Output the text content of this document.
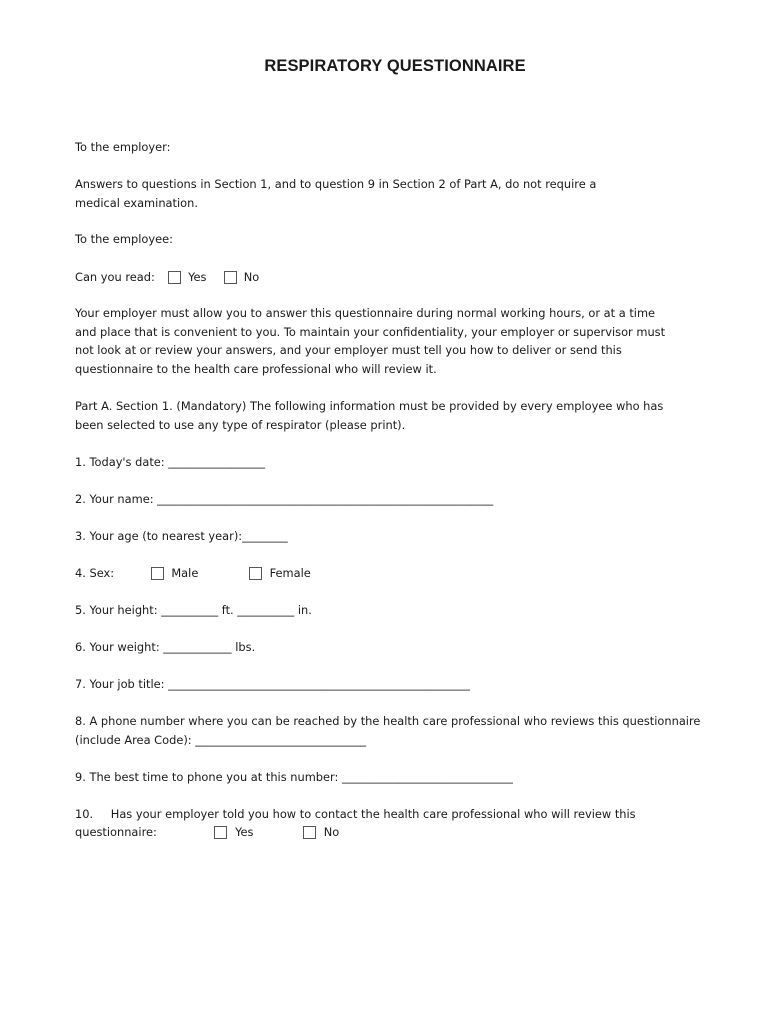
RESPIRATORY QUESTIONNAIRE
To the employer:
Answers to questions in Section 1, and to question 9 in Section 2 of Part A, do not require a medical examination.
To the employee:
Can you read:	Yes	No
Your employer must allow you to answer this questionnaire during normal working hours, or at a time and place that is convenient to you. To maintain your confidentiality, your employer or supervisor must not look at or review your answers, and your employer must tell you how to deliver or send this questionnaire to the health care professional who will review it.
Part A. Section 1. (Mandatory) The following information must be provided by every employee who has been selected to use any type of respirator (please print).
1. Today's date: _________________
2. Your name: ___________________________________________________________
3. Your age (to nearest year):________
4. Sex:	Male	Female
5. Your height: __________ ft. __________ in.
6. Your weight: ____________ lbs.
7. Your job title: _____________________________________________________
8. A phone number where you can be reached by the health care professional who reviews this questionnaire
(include Area Code): ______________________________
9. The best time to phone you at this number: ______________________________
10. Has your employer told you how to contact the health care professional who will review this
questionnaire:	Yes	No
